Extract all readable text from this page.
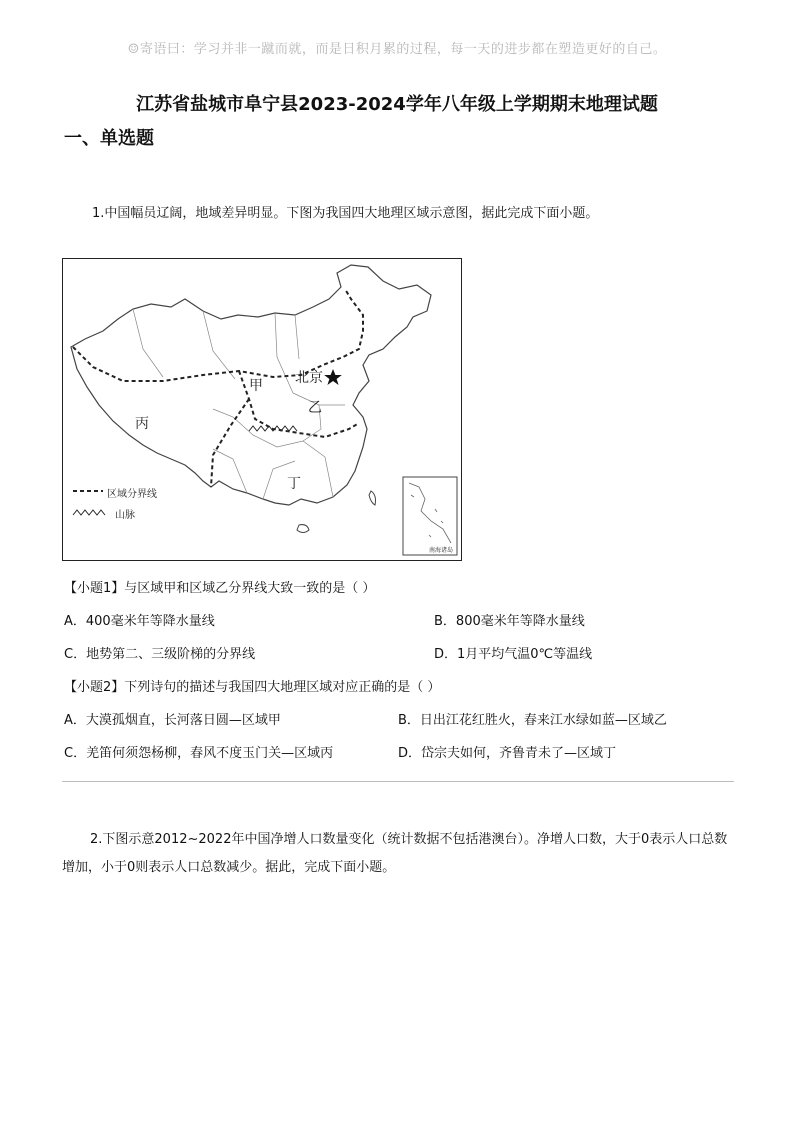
☺寄语曰：学习并非一蹴而就，而是日积月累的过程，每一天的进步都在塑造更好的自己。
江苏省盐城市阜宁县2023-2024学年八年级上学期期末地理试题
一、单选题
1.中国幅员辽阔，地域差异明显。下图为我国四大地理区域示意图，据此完成下面小题。
甲 北京
乙
丙
丁
区域分界线
山脉
南海诸岛
【小题1】与区域甲和区域乙分界线大致一致的是（ ）
A．400毫米年等降水量线	B．800毫米年等降水量线
C．地势第二、三级阶梯的分界线	D．1月平均气温0℃等温线
【小题2】下列诗句的描述与我国四大地理区域对应正确的是（ ）
A．大漠孤烟直，长河落日圆—区域甲	B．日出江花红胜火，春来江水绿如蓝—区域乙
C．羌笛何须怨杨柳，春风不度玉门关—区域丙	D．岱宗夫如何，齐鲁青未了—区域丁
2.下图示意2012~2022年中国净增人口数量变化（统计数据不包括港澳台）。净增人口数，大于0表示人口总数增加，小于0则表示人口总数减少。据此，完成下面小题。
